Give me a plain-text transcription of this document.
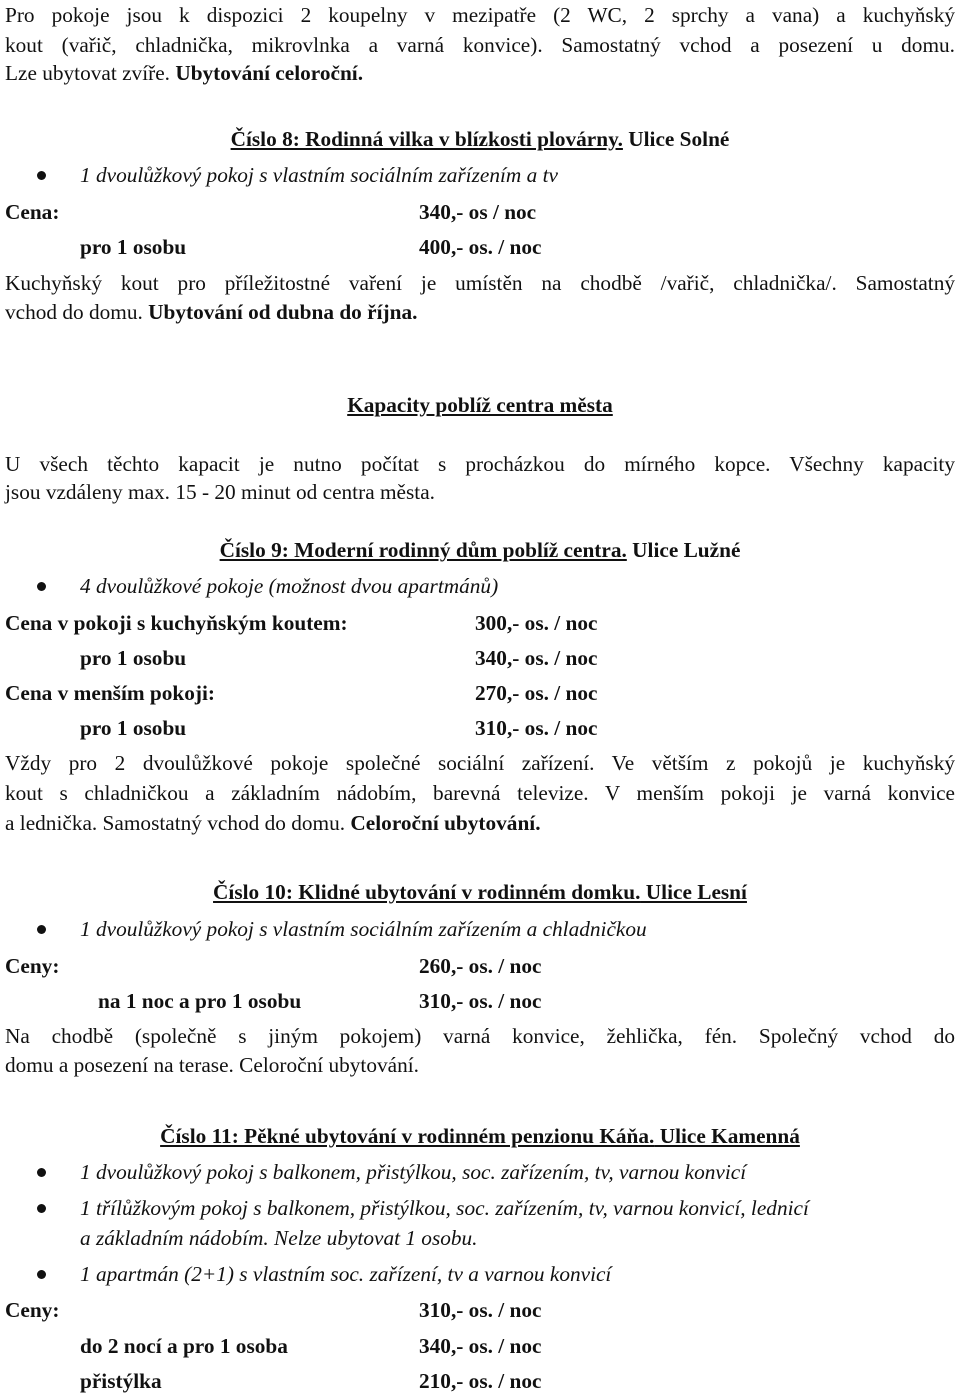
Pro pokoje jsou k dispozici 2 koupelny v mezipatře (2 WC, 2 sprchy a vana) a kuchyňský
kout (vařič, chladnička, mikrovlnka a varná konvice). Samostatný vchod a posezení u domu.
Lze ubytovat zvíře. Ubytování celoroční.
Číslo 8: Rodinná vilka v blízkosti plovárny. Ulice Solné
1 dvoulůžkový pokoj s vlastním sociálním zařízením a tv
Cena:	340,- os / noc
pro 1 osobu	400,- os. / noc
Kuchyňský kout pro příležitostné vaření je umístěn na chodbě /vařič, chladnička/. Samostatný
vchod do domu. Ubytování od dubna do října.
Kapacity poblíž centra města
U všech těchto kapacit je nutno počítat s procházkou do mírného kopce. Všechny kapacity
jsou vzdáleny max. 15 - 20 minut od centra města.
Číslo 9: Moderní rodinný dům poblíž centra. Ulice Lužné
4 dvoulůžkové pokoje (možnost dvou apartmánů)
Cena v pokoji s kuchyňským koutem:	300,- os. / noc
pro 1 osobu	340,- os. / noc
Cena v menším pokoji:	270,- os. / noc
pro 1 osobu	310,- os. / noc
Vždy pro 2 dvoulůžkové pokoje společné sociální zařízení. Ve větším z pokojů je kuchyňský
kout s chladničkou a základním nádobím, barevná televize. V menším pokoji je varná konvice
a lednička. Samostatný vchod do domu. Celoroční ubytování.
Číslo 10: Klidné ubytování v rodinném domku. Ulice Lesní
1 dvoulůžkový pokoj s vlastním sociálním zařízením a chladničkou
Ceny:	260,- os. / noc
na 1 noc a pro 1 osobu	310,- os. / noc
Na chodbě (společně s jiným pokojem) varná konvice, žehlička, fén. Společný vchod do
domu a posezení na terase. Celoroční ubytování.
Číslo 11: Pěkné ubytování v rodinném penzionu Káňa. Ulice Kamenná
1 dvoulůžkový pokoj s balkonem, přistýlkou, soc. zařízením, tv, varnou konvicí
1 třílůžkovým pokoj s balkonem, přistýlkou, soc. zařízením, tv, varnou konvicí, lednicí
a základním nádobím. Nelze ubytovat 1 osobu.
1 apartmán (2+1) s vlastním soc. zařízení, tv a varnou konvicí
Ceny:	310,- os. / noc
do 2 nocí a pro 1 osoba	340,- os. / noc
přistýlka	210,- os. / noc
